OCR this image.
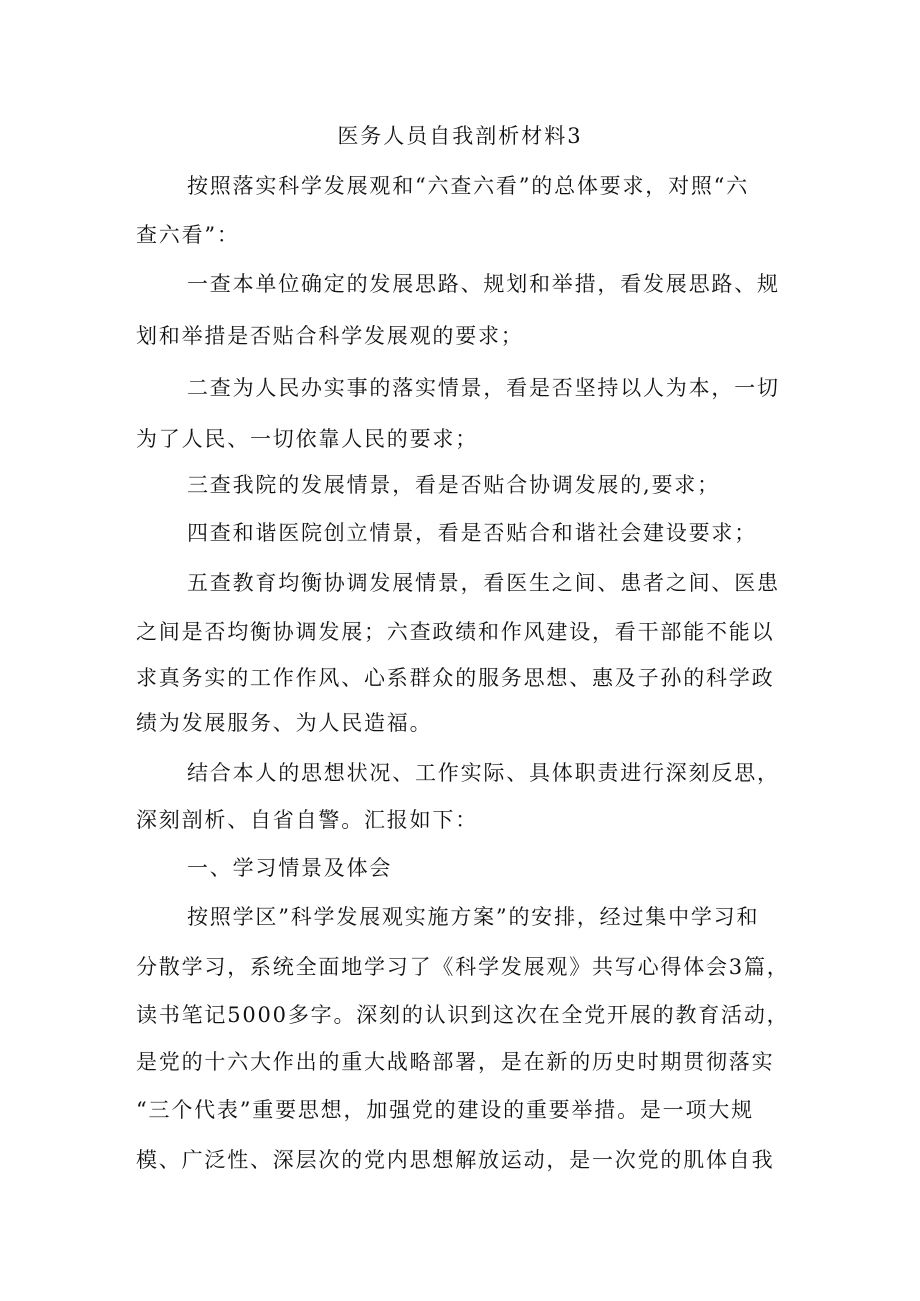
医务人员自我剖析材料3
按照落实科学发展观和“六查六看”的总体要求，对照“六
查六看”：
一查本单位确定的发展思路、规划和举措，看发展思路、规
划和举措是否贴合科学发展观的要求；
二查为人民办实事的落实情景，看是否坚持以人为本，一切
为了人民、一切依靠人民的要求；
三查我院的发展情景，看是否贴合协调发展的,要求；
四查和谐医院创立情景，看是否贴合和谐社会建设要求；
五查教育均衡协调发展情景，看医生之间、患者之间、医患
之间是否均衡协调发展；六查政绩和作风建设，看干部能不能以
求真务实的工作作风、心系群众的服务思想、惠及子孙的科学政
绩为发展服务、为人民造福。
结合本人的思想状况、工作实际、具体职责进行深刻反思，
深刻剖析、自省自警。汇报如下：
一、学习情景及体会
按照学区”科学发展观实施方案”的安排，经过集中学习和
分散学习，系统全面地学习了《科学发展观》共写心得体会3篇，
读书笔记5000多字。深刻的认识到这次在全党开展的教育活动，
是党的十六大作出的重大战略部署，是在新的历史时期贯彻落实
“三个代表”重要思想，加强党的建设的重要举措。是一项大规
模、广泛性、深层次的党内思想解放运动，是一次党的肌体自我
